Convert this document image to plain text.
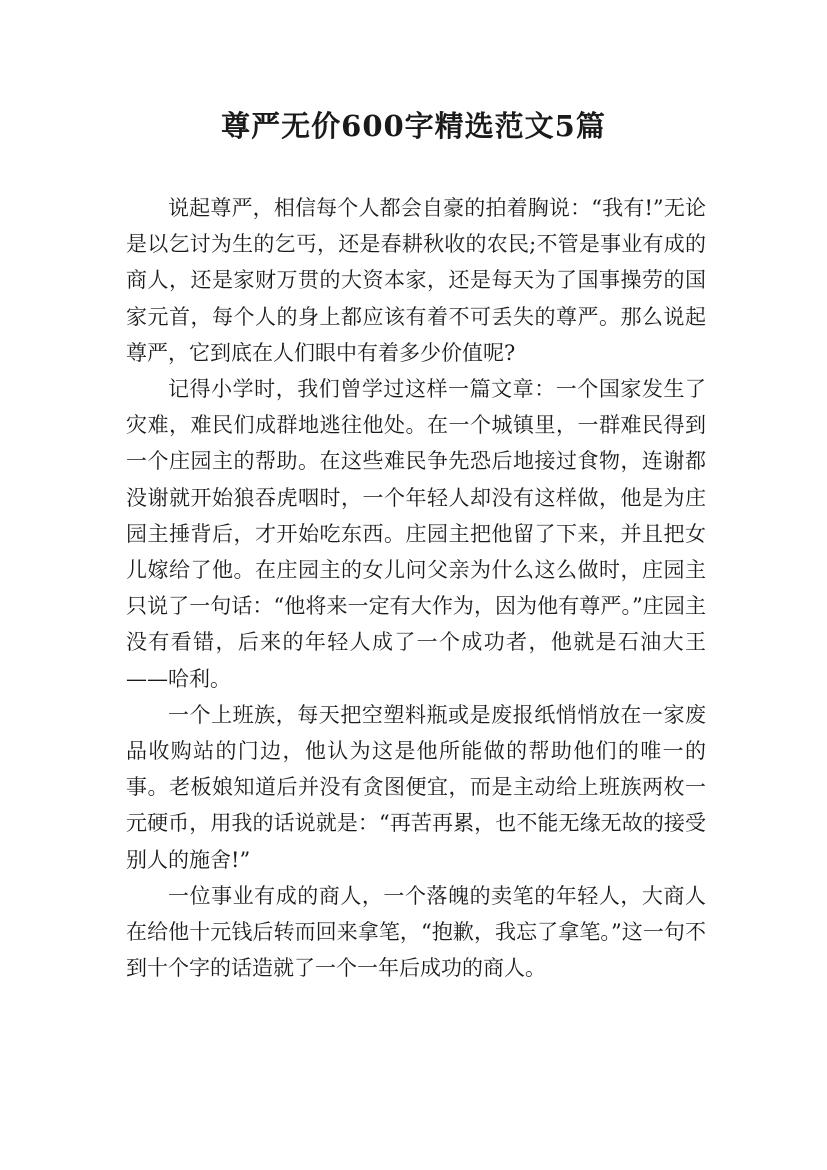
尊严无价600字精选范文5篇

说起尊严，相信每个人都会自豪的拍着胸说：“我有!”无论是以乞讨为生的乞丐，还是春耕秋收的农民;不管是事业有成的商人，还是家财万贯的大资本家，还是每天为了国事操劳的国家元首，每个人的身上都应该有着不可丢失的尊严。那么说起尊严，它到底在人们眼中有着多少价值呢?

记得小学时，我们曾学过这样一篇文章：一个国家发生了灾难，难民们成群地逃往他处。在一个城镇里，一群难民得到一个庄园主的帮助。在这些难民争先恐后地接过食物，连谢都没谢就开始狼吞虎咽时，一个年轻人却没有这样做，他是为庄园主捶背后，才开始吃东西。庄园主把他留了下来，并且把女儿嫁给了他。在庄园主的女儿问父亲为什么这么做时，庄园主只说了一句话：“他将来一定有大作为，因为他有尊严。”庄园主没有看错，后来的年轻人成了一个成功者，他就是石油大王——哈利。

一个上班族，每天把空塑料瓶或是废报纸悄悄放在一家废品收购站的门边，他认为这是他所能做的帮助他们的唯一的事。老板娘知道后并没有贪图便宜，而是主动给上班族两枚一元硬币，用我的话说就是：“再苦再累，也不能无缘无故的接受别人的施舍!”

一位事业有成的商人，一个落魄的卖笔的年轻人，大商人在给他十元钱后转而回来拿笔，“抱歉，我忘了拿笔。”这一句不到十个字的话造就了一个一年后成功的商人。
